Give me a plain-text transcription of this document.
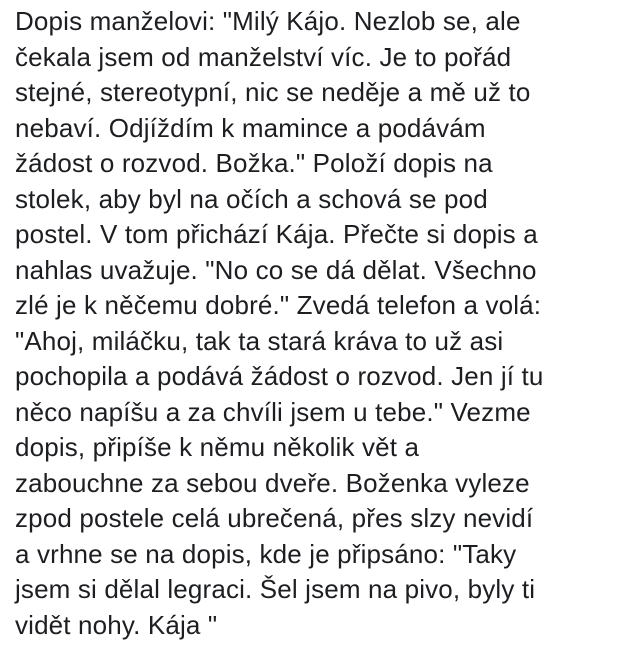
Dopis manželovi: "Milý Kájo. Nezlob se, ale
čekala jsem od manželství víc. Je to pořád
stejné, stereotypní, nic se neděje a mě už to
nebaví. Odjíždím k mamince a podávám
žádost o rozvod. Božka." Položí dopis na
stolek, aby byl na očích a schová se pod
postel. V tom přichází Kája. Přečte si dopis a
nahlas uvažuje. "No co se dá dělat. Všechno
zlé je k něčemu dobré." Zvedá telefon a volá:
"Ahoj, miláčku, tak ta stará kráva to už asi
pochopila a podává žádost o rozvod. Jen jí tu
něco napíšu a za chvíli jsem u tebe." Vezme
dopis, připíše k němu několik vět a
zabouchne za sebou dveře. Boženka vyleze
zpod postele celá ubrečená, přes slzy nevidí
a vrhne se na dopis, kde je připsáno: "Taky
jsem si dělal legraci. Šel jsem na pivo, byly ti
vidět nohy. Kája "
